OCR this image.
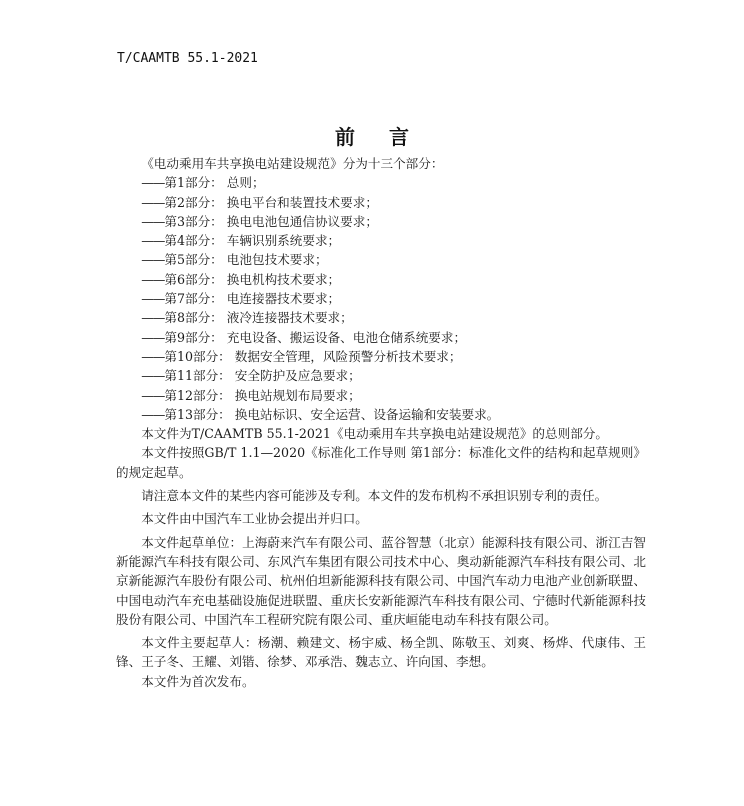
T/CAAMTB 55.1-2021
前言

《电动乘用车共享换电站建设规范》分为十三个部分：

——第1部分： 总则；

——第2部分： 换电平台和装置技术要求；

——第3部分： 换电电池包通信协议要求；

——第4部分： 车辆识别系统要求；

——第5部分： 电池包技术要求；

——第6部分： 换电机构技术要求；

——第7部分： 电连接器技术要求；

——第8部分： 液冷连接器技术要求；

——第9部分： 充电设备、搬运设备、电池仓储系统要求；

——第10部分： 数据安全管理，风险预警分析技术要求；

——第11部分： 安全防护及应急要求；

——第12部分： 换电站规划布局要求；

——第13部分： 换电站标识、安全运营、设备运输和安装要求。

本文件为T/CAAMTB 55.1-2021《电动乘用车共享换电站建设规范》的总则部分。

本文件按照GB/T 1.1—2020《标准化工作导则 第1部分：标准化文件的结构和起草规则》的规定起草。

请注意本文件的某些内容可能涉及专利。本文件的发布机构不承担识别专利的责任。

本文件由中国汽车工业协会提出并归口。

本文件起草单位：上海蔚来汽车有限公司、蓝谷智慧（北京）能源科技有限公司、浙江吉智新能源汽车科技有限公司、东风汽车集团有限公司技术中心、奥动新能源汽车科技有限公司、北京新能源汽车股份有限公司、杭州伯坦新能源科技有限公司、中国汽车动力电池产业创新联盟、中国电动汽车充电基础设施促进联盟、重庆长安新能源汽车科技有限公司、宁德时代新能源科技股份有限公司、中国汽车工程研究院有限公司、重庆峘能电动车科技有限公司。

本文件主要起草人：杨潮、赖建文、杨宇威、杨全凯、陈敬玉、刘爽、杨烨、代康伟、王锋、王子冬、王耀、刘锴、徐梦、邓承浩、魏志立、许向国、李想。

本文件为首次发布。
